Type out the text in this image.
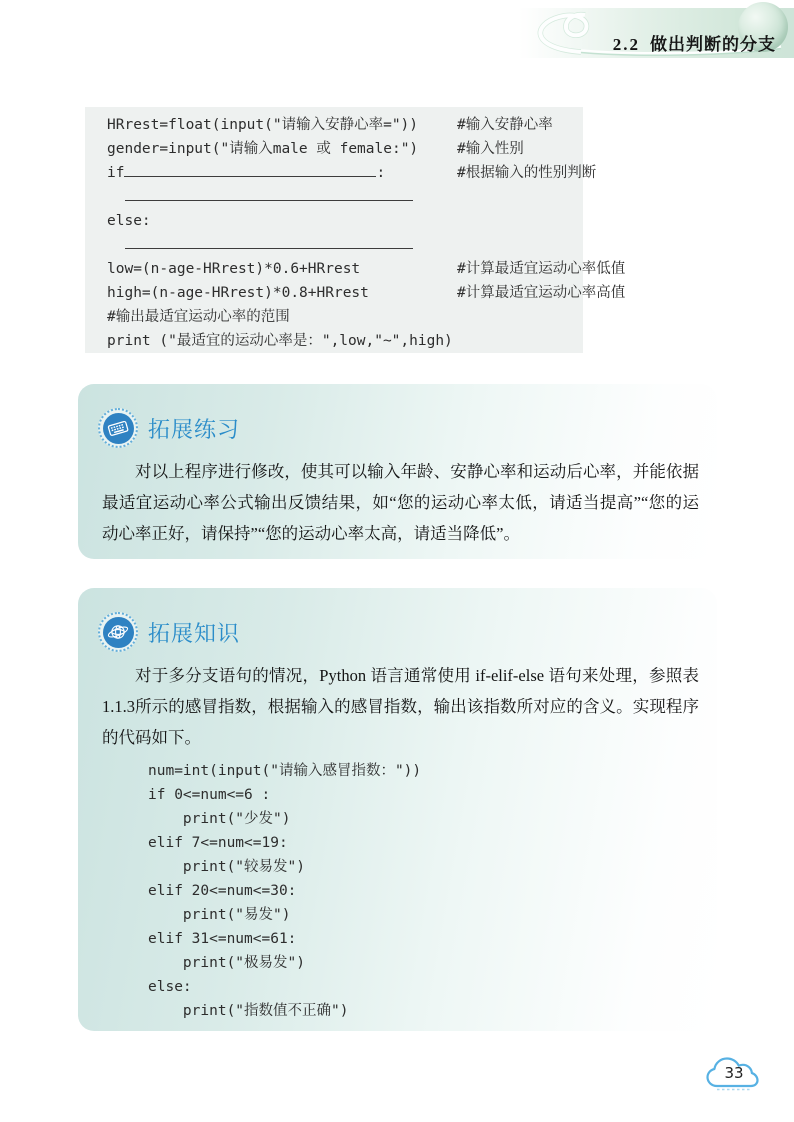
2.2 做出判断的分支
HRrest=float(input("请输入安静心率="))	#输入安静心率
gender=input("请输入male 或 female:")	#输入性别
if	:	#根据输入的性别判断
else:
low=(n-age-HRrest)*0.6+HRrest	#计算最适宜运动心率低值
high=(n-age-HRrest)*0.8+HRrest	#计算最适宜运动心率高值
#输出最适宜运动心率的范围
print ("最适宜的运动心率是：",low,"~",high)
拓展练习

对以上程序进行修改，使其可以输入年龄、安静心率和运动后心率，并能依据最适宜运动心率公式输出反馈结果，如“您的运动心率太低，请适当提高”“您的运动心率正好，请保持”“您的运动心率太高，请适当降低”。

拓展知识

对于多分支语句的情况，Python 语言通常使用 if-elif-else 语句来处理，参照表1.1.3所示的感冒指数，根据输入的感冒指数，输出该指数所对应的含义。实现程序的代码如下。

num=int(input("请输入感冒指数："))
if 0<=num<=6 :
print("少发")
elif 7<=num<=19:
print("较易发")
elif 20<=num<=30:
print("易发")
elif 31<=num<=61:
print("极易发")
else:
print("指数值不正确")
33
